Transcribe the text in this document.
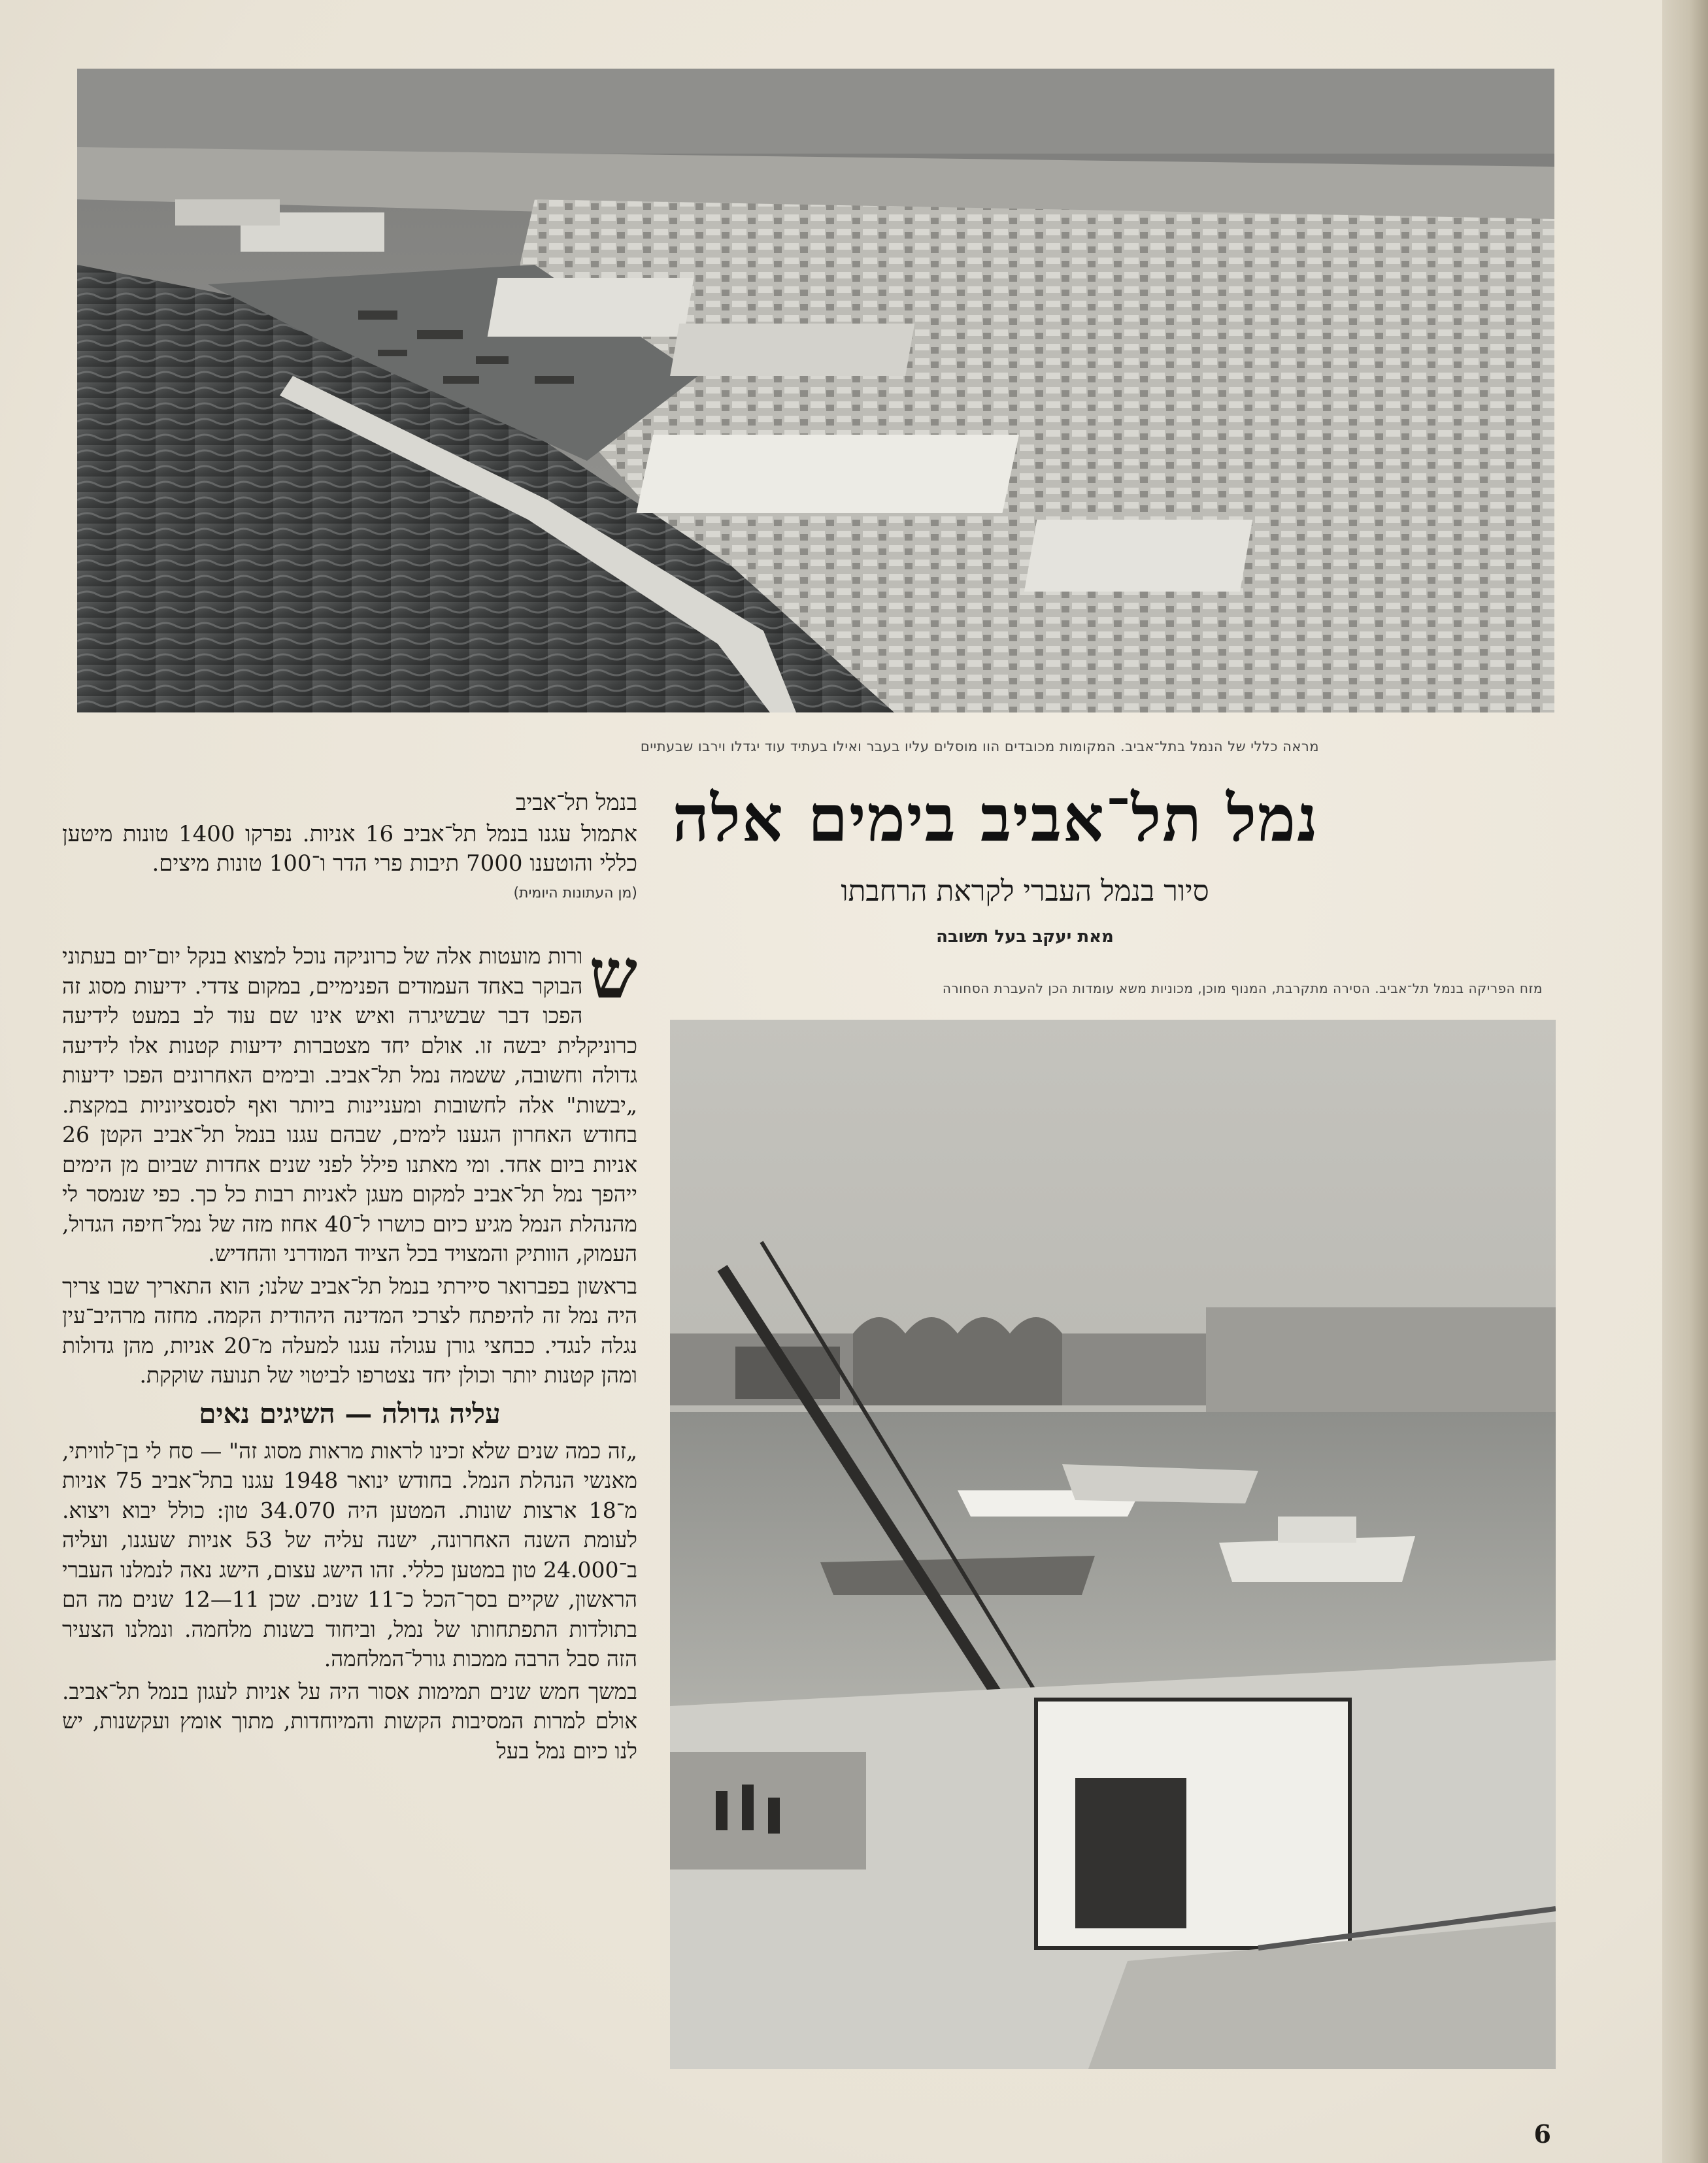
מראה כללי של הנמל בתל־אביב. המקומות מכובדים הוו מוסלים עליו בעבר ואילו בעתיד עוד יגדלו וירבו שבעתיים
נמל תל־אביב בימים אלה
סיור בנמל העברי לקראת הרחבתו
מאת יעקב בעל תשובה
מזח הפריקה בנמל תל־אביב. הסירה מתקרבת, המנוף מוכן, מכוניות משא עומדות הכן להעברת הסחורה
בנמל תל־אביב
אתמול עגנו בנמל תל־אביב 16 אניות. נפרקו 1400 טונות מיטען כללי והוטענו 7000 תיבות פרי הדר ו־100 טונות מיצים.
(מן העתונות היומית)

ש
ורות מועטות אלה של כרוניקה נוכל למצוא בנקל יום־יום בעתוני הבוקר באחד העמודים הפנימיים, במקום צדדי. ידיעות מסוג זה הפכו דבר שבשיגרה ואיש אינו שם עוד לב במעט לידיעה כרוניקלית יבשה זו. אולם יחד מצטברות ידיעות קטנות אלו לידיעה גדולה וחשובה, ששמה נמל תל־אביב. ובימים האחרונים הפכו ידיעות „יבשות" אלה לחשובות ומעניינות ביותר ואף לסנסציוניות במקצת. בחודש האחרון הגענו לימים, שבהם עגנו בנמל תל־אביב הקטן 26 אניות ביום אחד. ומי מאתנו פילל לפני שנים אחדות שביום מן הימים ייהפך נמל תל־אביב למקום מעגן לאניות רבות כל כך. כפי שנמסר לי מהנהלת הנמל מגיע כיום כושרו ל־40 אחוז מזה של נמל־חיפה הגדול, העמוק, הוותיק והמצויד בכל הציוד המודרני והחדיש.

בראשון בפברואר סיירתי בנמל תל־אביב שלנו; הוא התאריך שבו צריך היה נמל זה להיפתח לצרכי המדינה היהודית הקמה. מחזה מרהיב־עין נגלה לנגדי. כבחצי גורן עגולה עגנו למעלה מ־20 אניות, מהן גדולות ומהן קטנות יותר וכולן יחד נצטרפו לביטוי של תנועה שוקקת.

עליה גדולה — השיגים נאים

„זה כמה שנים שלא זכינו לראות מראות מסוג זה" — סח לי בן־לוויתי, מאנשי הנהלת הנמל. בחודש ינואר 1948 עגנו בתל־אביב 75 אניות מ־18 ארצות שונות. המטען היה 34.070 טון: כולל יבוא ויצוא. לעומת השנה האחרונה, ישנה עליה של 53 אניות שעגנו, ועליה ב־24.000 טון במטען כללי. זהו הישג עצום, הישג נאה לנמלנו העברי הראשון, שקיים בסך־הכל כ־11 שנים. שכן 11—12 שנים מה הם בתולדות התפתחותו של נמל, וביחוד בשנות מלחמה. ונמלנו הצעיר הזה סבל הרבה ממכות גורל־המלחמה.

במשך חמש שנים תמימות אסור היה על אניות לעגון בנמל תל־אביב. אולם למרות המסיבות הקשות והמיוחדות, מתוך אומץ ועקשנות, יש לנו כיום נמל בעל

6
